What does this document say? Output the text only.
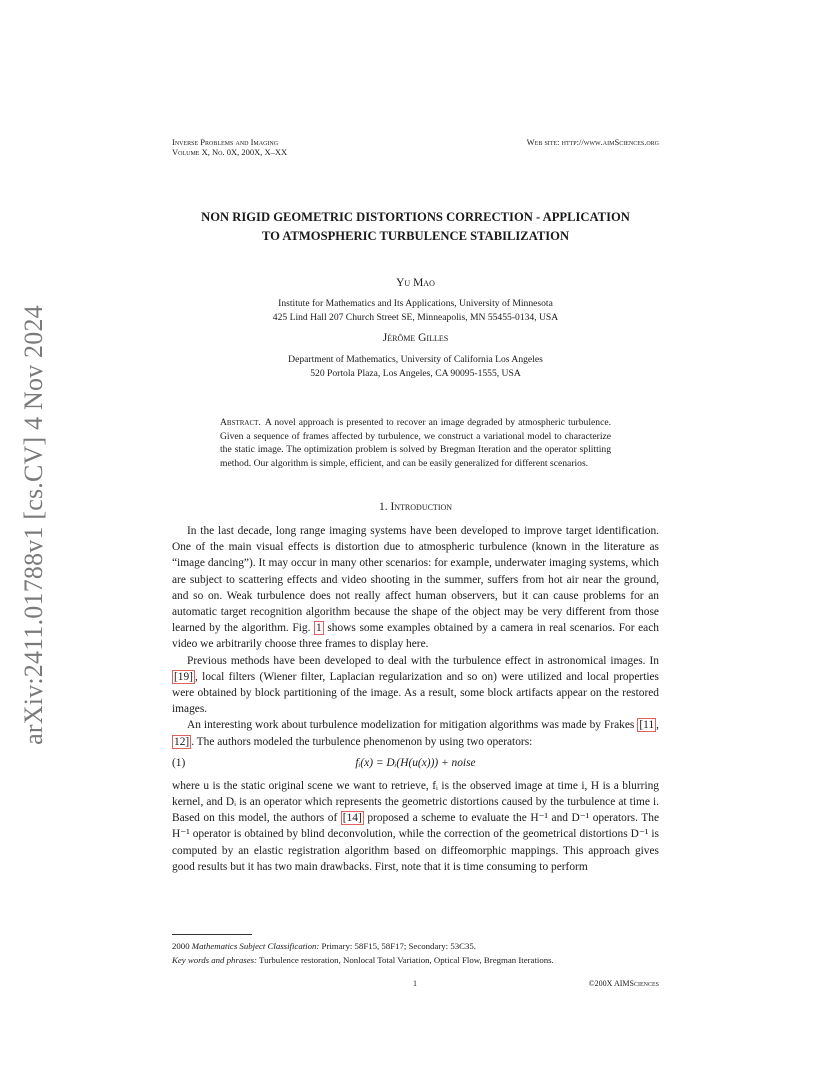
arXiv:2411.01788v1 [cs.CV] 4 Nov 2024
Inverse Problems and Imaging
Volume X, No. 0X, 200X, X–XX
Web site: http://www.aimSciences.org
NON RIGID GEOMETRIC DISTORTIONS CORRECTION - APPLICATION
TO ATMOSPHERIC TURBULENCE STABILIZATION
Yu Mao
Institute for Mathematics and Its Applications, University of Minnesota
425 Lind Hall 207 Church Street SE, Minneapolis, MN 55455-0134, USA
Jérôme Gilles
Department of Mathematics, University of California Los Angeles
520 Portola Plaza, Los Angeles, CA 90095-1555, USA
Abstract. A novel approach is presented to recover an image degraded by atmospheric turbulence. Given a sequence of frames affected by turbulence, we construct a variational model to characterize the static image. The optimization problem is solved by Bregman Iteration and the operator splitting method. Our algorithm is simple, efficient, and can be easily generalized for different scenarios.
1. Introduction

In the last decade, long range imaging systems have been developed to improve target identification. One of the main visual effects is distortion due to atmospheric turbulence (known in the literature as “image dancing”). It may occur in many other scenarios: for example, underwater imaging systems, which are subject to scattering effects and video shooting in the summer, suffers from hot air near the ground, and so on. Weak turbulence does not really affect human observers, but it can cause problems for an automatic target recognition algorithm because the shape of the object may be very different from those learned by the algorithm. Fig. 1 shows some examples obtained by a camera in real scenarios. For each video we arbitrarily choose three frames to display here.

Previous methods have been developed to deal with the turbulence effect in astronomical images. In [19] , local filters (Wiener filter, Laplacian regularization and so on) were utilized and local properties were obtained by block partitioning of the image. As a result, some block artifacts appear on the restored images.

An interesting work about turbulence modelization for mitigation algorithms was made by Frakes [11 , 12] . The authors modeled the turbulence phenomenon by using two operators:

(1)	fᵢ(x) = Dᵢ(H(u(x))) + noise

where u is the static original scene we want to retrieve, fᵢ is the observed image at time i, H is a blurring kernel, and Dᵢ is an operator which represents the geometric distortions caused by the turbulence at time i. Based on this model, the authors of [14] proposed a scheme to evaluate the H⁻¹ and D⁻¹ operators. The H⁻¹ operator is obtained by blind deconvolution, while the correction of the geometrical distortions D⁻¹ is computed by an elastic registration algorithm based on diffeomorphic mappings. This approach gives good results but it has two main drawbacks. First, note that it is time consuming to perform

2000 Mathematics Subject Classification: Primary: 58F15, 58F17; Secondary: 53C35.
Key words and phrases: Turbulence restoration, Nonlocal Total Variation, Optical Flow, Bregman Iterations.
1	©200X AIMSciences
